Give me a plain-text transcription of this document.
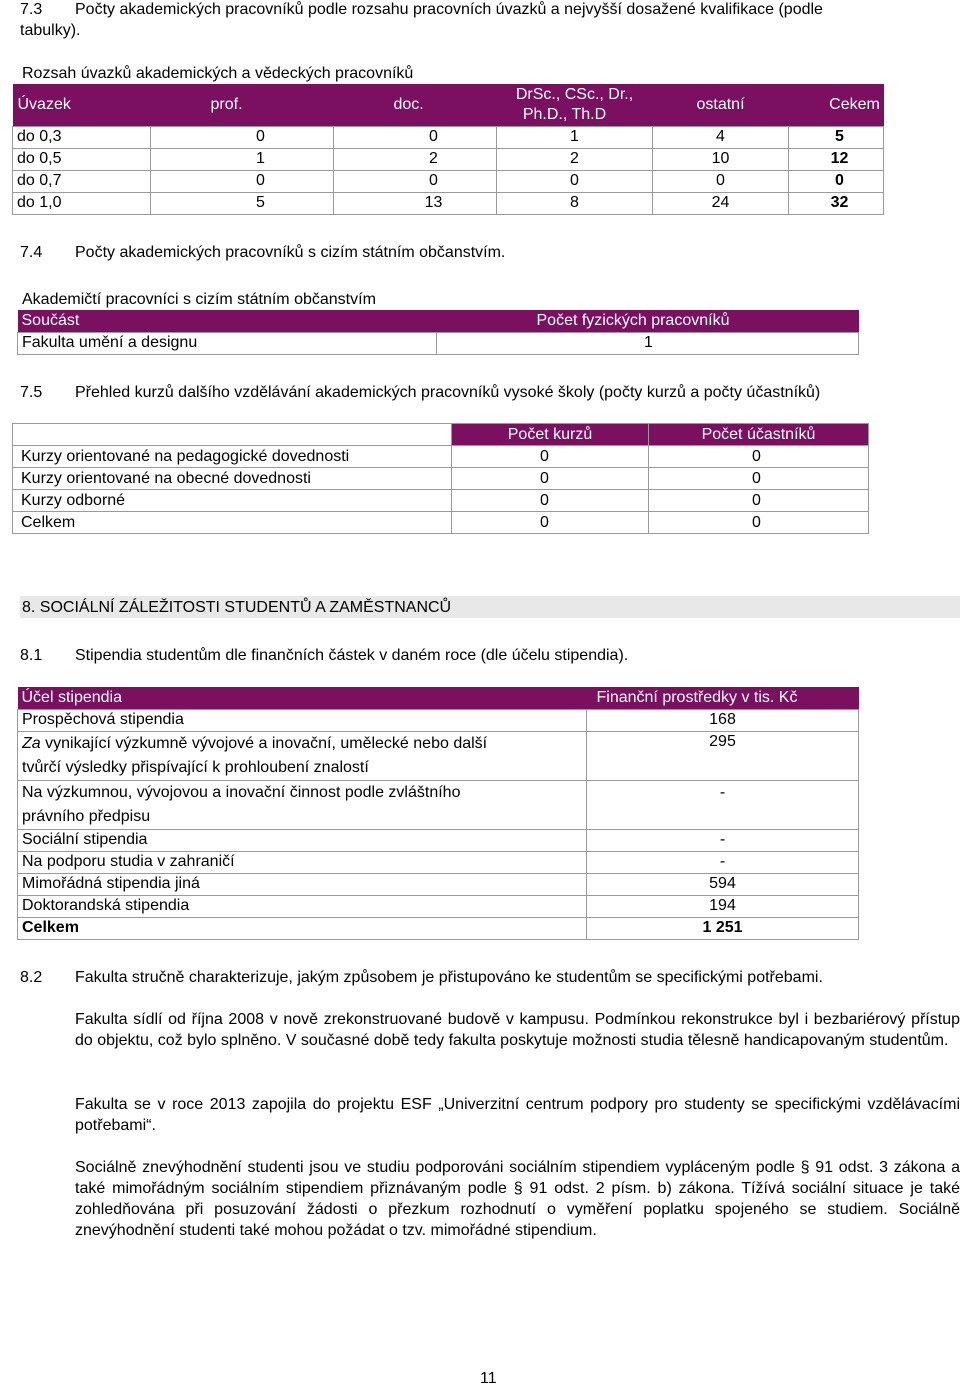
7.3 Počty akademických pracovníků podle rozsahu pracovních úvazků a nejvyšší dosažené kvalifikace (podle
tabulky).
Rozsah úvazků akademických a vědeckých pracovníků
Úvazek	prof.	doc.	DrSc., CSc., Dr.,
Ph.D., Th.D	ostatní	Cekem
do 0,3	0	0	1	4	5
do 0,5	1	2	2	10	12
do 0,7	0	0	0	0	0
do 1,0	5	13	8	24	32
7.4 Počty akademických pracovníků s cizím státním občanstvím.
Akademičtí pracovníci s cizím státním občanstvím
Součást	Počet fyzických pracovníků
Fakulta umění a designu	1
7.5 Přehled kurzů dalšího vzdělávání akademických pracovníků vysoké školy (počty kurzů a počty účastníků)
	Počet kurzů	Počet účastníků
Kurzy orientované na pedagogické dovednosti	0	0
Kurzy orientované na obecné dovednosti	0	0
Kurzy odborné	0	0
Celkem	0	0
8. SOCIÁLNÍ ZÁLEŽITOSTI STUDENTŮ A ZAMĚSTNANCŮ
8.1 Stipendia studentům dle finančních částek v daném roce (dle účelu stipendia).
Účel stipendia	Finanční prostředky v tis. Kč
Prospěchová stipendia	168

Za vynikající výzkumně vývojové a inovační, umělecké nebo další
tvůrčí výsledky přispívající k prohloubení znalostí	295

Na výzkumnou, vývojovou a inovační činnost podle zvláštního
právního předpisu	-
Sociální stipendia	-
Na podporu studia v zahraničí	-
Mimořádná stipendia jiná	594
Doktorandská stipendia	194
Celkem	1 251
8.2 Fakulta stručně charakterizuje, jakým způsobem je přistupováno ke studentům se specifickými potřebami.
Fakulta sídlí od října 2008 v nově zrekonstruované budově v kampusu. Podmínkou rekonstrukce byl i bezbariérový přístup do objektu, což bylo splněno. V současné době tedy fakulta poskytuje možnosti studia tělesně handicapovaným studentům.
Fakulta se v roce 2013 zapojila do projektu ESF „Univerzitní centrum podpory pro studenty se specifickými vzdělávacími potřebami“.
Sociálně znevýhodnění studenti jsou ve studiu podporováni sociálním stipendiem vypláceným podle § 91 odst. 3 zákona a také mimořádným sociálním stipendiem přiznávaným podle § 91 odst. 2 písm. b) zákona. Tížívá sociální situace je také zohledňována při posuzování žádosti o přezkum rozhodnutí o vyměření poplatku spojeného se studiem. Sociálně znevýhodnění studenti také mohou požádat o tzv. mimořádné stipendium.
11
